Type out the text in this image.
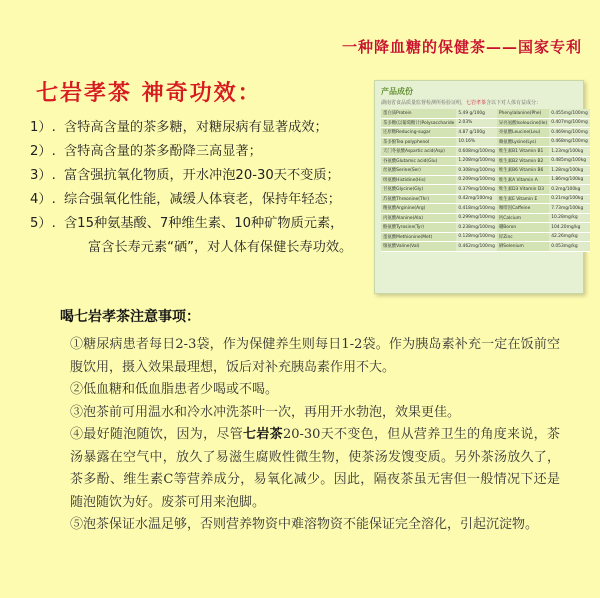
一种降血糖的保健茶——国家专利
七岩孝茶 神奇功效：
1）. 含特高含量的茶多糖，对糖尿病有显著成效；
2）. 含特高含量的茶多酚降三高显著；
3）. 富含强抗氧化物质，开水冲泡20-30天不变质；
4）. 综合强氧化性能，减缓人体衰老，保持年轻态；
5）. 含15种氨基酸、7种维生素、10种矿物质元素，
富含长寿元素“硒”，对人体有保健长寿功效。
产品成份
湖南省食品质量监督检测所检验证明，七岩孝茶含以下对人体有益成分：
蛋白质Protein	5.49 g/100g	Phenylalanine(Phe)	0.455mg/100mg
茶多糖(以葡萄糖计)Polysaccharide	2.03%	异亮氨酸Isoleucine(Ile)	0.407mg/100mg
还原糖Reducing-sugar	4.87 g/100g	亮氨酸Leucine(Leu)	0.469mg/100mg
茶多酚Tea polyphenol	10.16%	赖氨酸Lysine(Lys)	0.468mg/100mg
天门冬氨酸Aspartic acid(Asp)	0.608mg/100mg	维生素B1 Vitamin B1	1.23mg/100kg
谷氨酸Glutamic acid(Glu)	1.208mg/100mg	维生素B2 Vitamin B2	0.485mg/100kg
丝氨酸Serine(Ser)	0.308mg/100mg	维生素B6 Vitamin B6	1.28mg/100kg
组氨酸Histidine(His)	0.209mg/100mg	维生素A Vitamin A	1.86mg/100kg
甘氨酸Glycine(Gly)	0.379mg/100mg	维生素D3 Vitamin D3	0.2mg/100kg
苏氨酸Threonine(Thr)	0.42mg/100mg	维生素E Vitamin E	0.21mg/100kg
精氨酸Arginine(Arg)	0.418mg/100mg	咖啡因Caffeine	7.73mg/100kg
丙氨酸Alanine(Ala)	0.299mg/100mg	钙Calcium	10.28mg/kg
酪氨酸Tyrosine(Tyr)	0.238mg/100mg	硼Boron	104.20mg/kg
蛋氨酸Methionine(Met)	0.128mg/100mg	锌Zinc	42.26mg/kg
缬氨酸Valine(Val)	0.462mg/100mg	硒Selenium	0.053mg/kg
喝七岩孝茶注意事项：
①糖尿病患者每日2-3袋，作为保健养生则每日1-2袋。作为胰岛素补充一定在饭前空腹饮用，摄入效果最理想，饭后对补充胰岛素作用不大。
②低血糖和低血脂患者少喝或不喝。
③泡茶前可用温水和冷水冲洗茶叶一次，再用开水勃泡，效果更佳。
④最好随泡随饮，因为，尽管七岩茶20-30天不变色，但从营养卫生的角度来说，茶汤暴露在空气中，放久了易滋生腐败性微生物，使茶汤发馊变质。另外茶汤放久了，茶多酚、维生素C等营养成分，易氧化减少。因此，隔夜茶虽无害但一般情况下还是随泡随饮为好。废茶可用来泡脚。
⑤泡茶保证水温足够，否则营养物资中难溶物资不能保证完全溶化，引起沉淀物。
